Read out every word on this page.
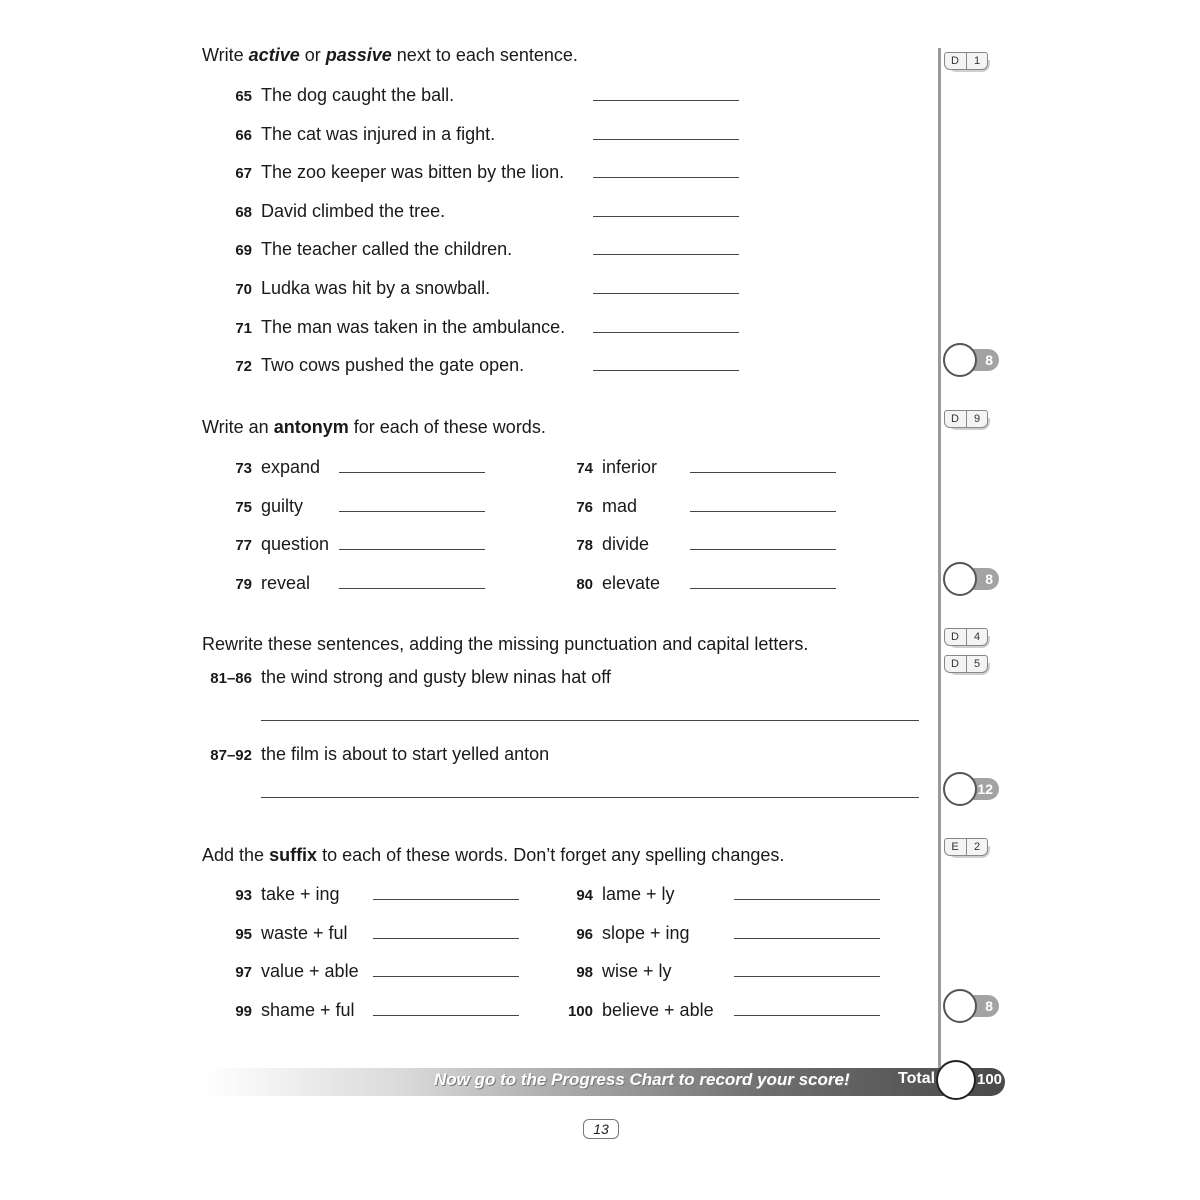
Write active or passive next to each sentence.
65 The dog caught the ball.
66 The cat was injured in a fight.
67 The zoo keeper was bitten by the lion.
68 David climbed the tree.
69 The teacher called the children.
70 Ludka was hit by a snowball.
71 The man was taken in the ambulance.
72 Two cows pushed the gate open.
Write an antonym for each of these words.
73 expand	74 inferior
75 guilty	76 mad
77 question	78 divide
79 reveal	80 elevate
Rewrite these sentences, adding the missing punctuation and capital letters.
81–86 the wind strong and gusty blew ninas hat off
87–92 the film is about to start yelled anton
Add the suffix to each of these words. Don’t forget any spelling changes.
93 take + ing	94 lame + ly
95 waste + ful	96 slope + ing
97 value + able	98 wise + ly
99 shame + ful	100 believe + able
D	1
D	9
D	4
D	5
E	2
8
8
12
8
Now go to the Progress Chart to record your score!	Total	100
13
